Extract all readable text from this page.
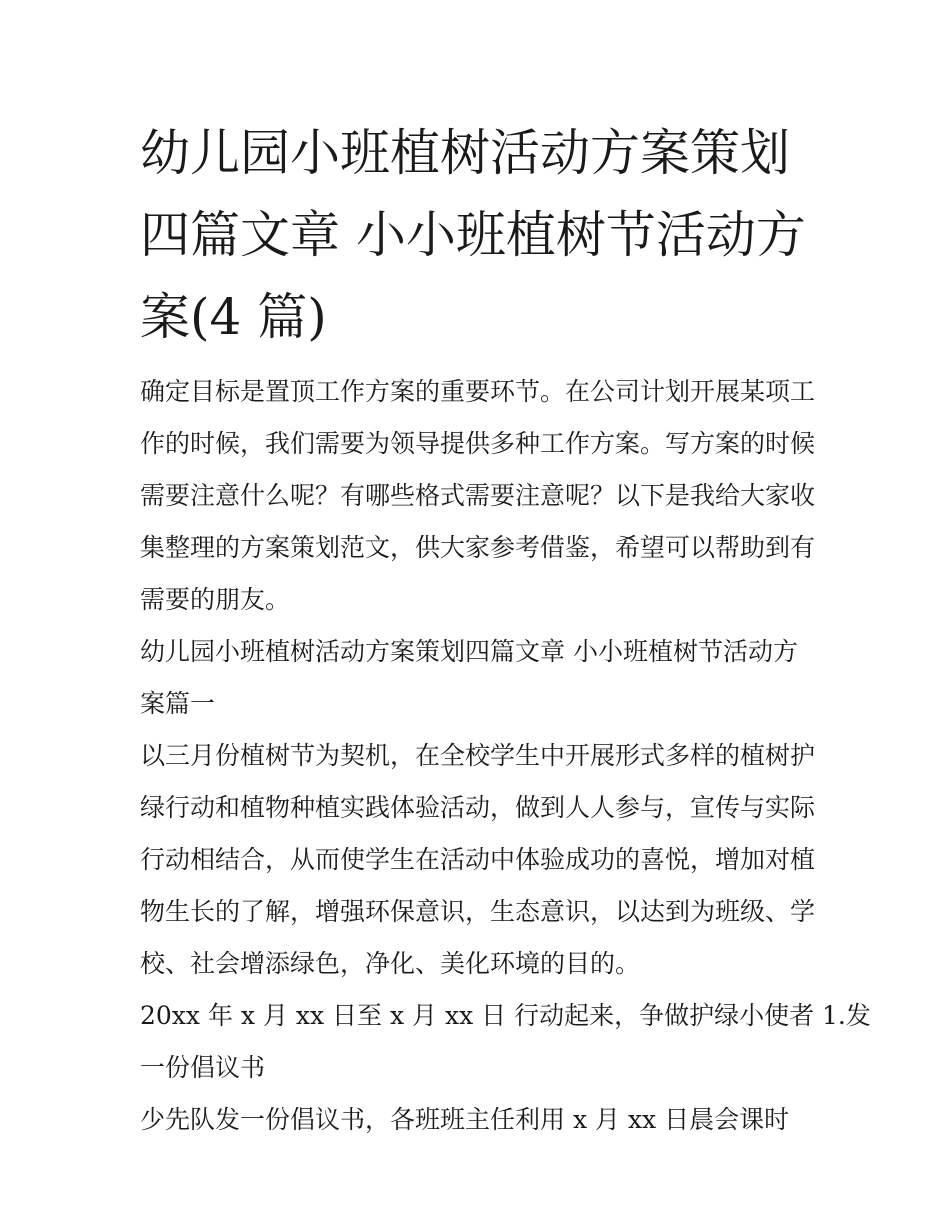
幼儿园小班植树活动方案策划
四篇文章 小小班植树节活动方
案(4 篇)

确定目标是置顶工作方案的重要环节。在公司计划开展某项工
作的时候，我们需要为领导提供多种工作方案。写方案的时候
需要注意什么呢？有哪些格式需要注意呢？以下是我给大家收
集整理的方案策划范文，供大家参考借鉴，希望可以帮助到有
需要的朋友。

幼儿园小班植树活动方案策划四篇文章 小小班植树节活动方
案篇一

以三月份植树节为契机，在全校学生中开展形式多样的植树护
绿行动和植物种植实践体验活动，做到人人参与，宣传与实际
行动相结合，从而使学生在活动中体验成功的喜悦，增加对植
物生长的了解，增强环保意识，生态意识，以达到为班级、学
校、社会增添绿色，净化、美化环境的目的。

20xx 年 x 月 xx 日至 x 月 xx 日 行动起来，争做护绿小使者 1.发
一份倡议书

少先队发一份倡议书，各班班主任利用 x 月 xx 日晨会课时
